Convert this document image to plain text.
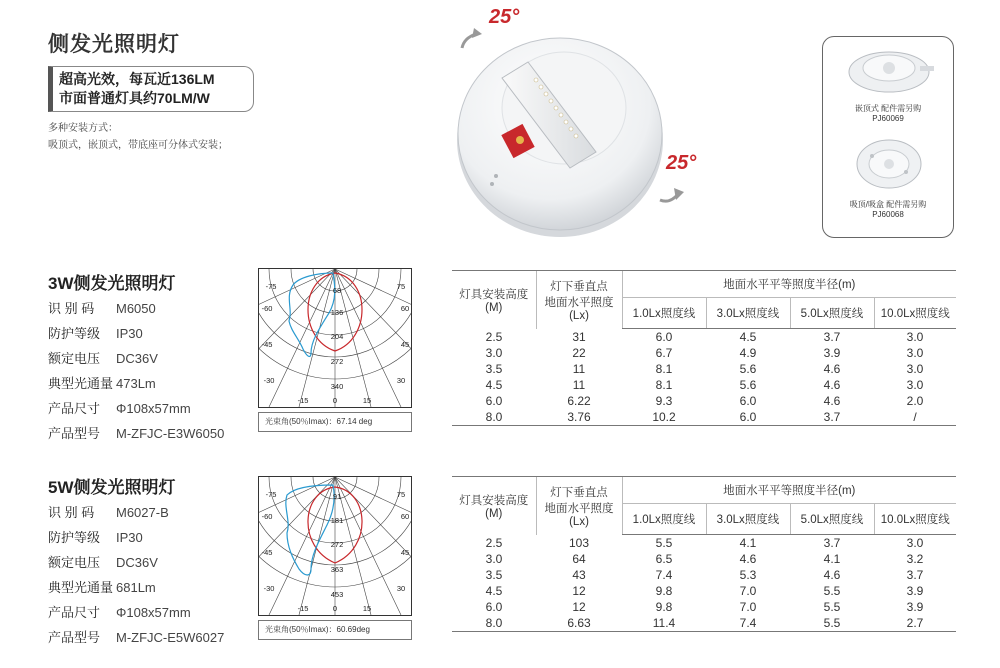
侧发光照明灯
超高光效，每瓦近136LM
市面普通灯具约70LM/W
多种安装方式：
吸顶式，嵌顶式，带底座可分体式安装；
25°
25°
嵌顶式 配件需另购
PJ60069
吸顶/吸盒 配件需另购
PJ60068
3W侧发光照明灯
识 别 码 M6050
防护等级 IP30
额定电压 DC36V
典型光通量 473Lm
产品尺寸 Φ108x57mm
产品型号 M-ZFJC-E3W6050
-75	75
-60	60
-45	45
-30	30
-15	15
0
68
136
204
272
340
光束角(50％Imax)：67.14 deg
灯具安装高度
(M)	灯下垂直点
地面水平照度
(Lx)	地面水平平等照度半径(m)			
		1.0Lx照度线	3.0Lx照度线	5.0Lx照度线	10.0Lx照度线
2.5	31	6.0	4.5	3.7	3.0
3.0	22	6.7	4.9	3.9	3.0
3.5	11	8.1	5.6	4.6	3.0
4.5	11	8.1	5.6	4.6	3.0
6.0	6.22	9.3	6.0	4.6	2.0
8.0	3.76	10.2	6.0	3.7	/
5W侧发光照明灯
识 别 码 M6027-B
防护等级 IP30
额定电压 DC36V
典型光通量 681Lm
产品尺寸 Φ108x57mm
产品型号 M-ZFJC-E5W6027
-75	75
-60	60
-45	45
-30	30
-15	15
0
91
181
272
363
453
光束角(50％Imax)：60.69deg
灯具安装高度
(M)	灯下垂直点
地面水平照度
(Lx)	地面水平平等照度半径(m)			
		1.0Lx照度线	3.0Lx照度线	5.0Lx照度线	10.0Lx照度线
2.5	103	5.5	4.1	3.7	3.0
3.0	64	6.5	4.6	4.1	3.2
3.5	43	7.4	5.3	4.6	3.7
4.5	12	9.8	7.0	5.5	3.9
6.0	12	9.8	7.0	5.5	3.9
8.0	6.63	11.4	7.4	5.5	2.7
